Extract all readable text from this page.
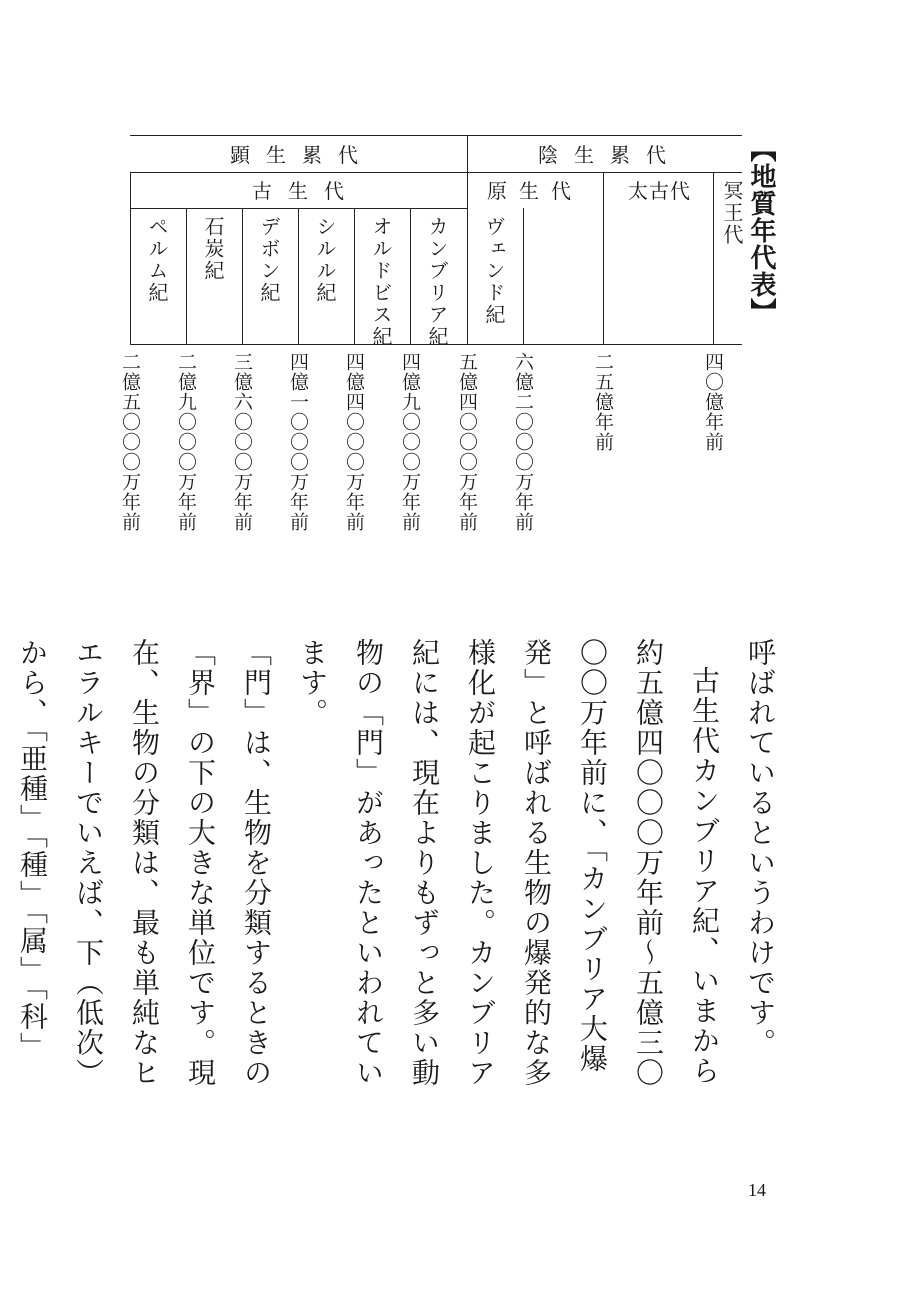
【地質年代表】
顕生累代	陰生累代
古生代	原生代 太古代 冥王代
ペルム紀 石炭紀 デボン紀 シルル紀 オルドビス紀 カンブリア紀 ヴェンド紀
二億五〇〇〇万年前 二億九〇〇〇万年前 三億六〇〇〇万年前 四億一〇〇〇万年前 四億四〇〇〇万年前 四億九〇〇〇万年前 五億四〇〇〇万年前 六億二〇〇〇万年前	二五億年前	四〇億年前

呼ばれているというわけです。

古生代カンブリア紀、いまから約五億四〇〇〇万年前～五億三〇〇〇万年前に、「カンブリア大爆発」と呼ばれる生物の爆発的な多様化が起こりました。カンブリア紀には、現在よりもずっと多い動物の「門」があったといわれています。

「門」は、生物を分類するときの「界」の下の大きな単位です。現在、生物の分類は、最も単純なヒエラルキーでいえば、下（低次）から、「亜種」「種」「属」「科」

14
